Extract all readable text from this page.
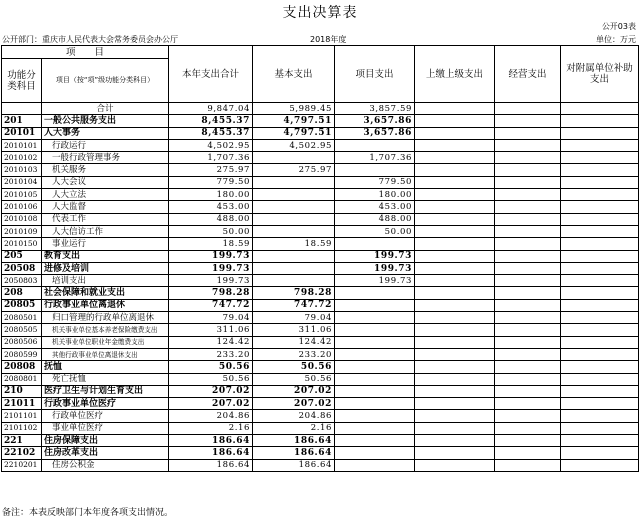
支出决算表
公开03表
公开部门：重庆市人民代表大会常务委员会办公厅	2018年度	单位：万元
项　　目		本年支出合计	基本支出	项目支出	上缴上级支出	经营支出	对附属单位补助支出
功能分类科目	项目（按“项”级功能分类科目）						
	合计	9,847.04	5,989.45	3,857.59			
201	一般公共服务支出	8,455.37	4,797.51	3,657.86			
20101	人大事务	8,455.37	4,797.51	3,657.86			
2010101	行政运行	4,502.95	4,502.95				
2010102	一般行政管理事务	1,707.36		1,707.36			
2010103	机关服务	275.97	275.97				
2010104	人大会议	779.50		779.50			
2010105	人大立法	180.00		180.00			
2010106	人大监督	453.00		453.00			
2010108	代表工作	488.00		488.00			
2010109	人大信访工作	50.00		50.00			
2010150	事业运行	18.59	18.59				
205	教育支出	199.73		199.73			
20508	进修及培训	199.73		199.73			
2050803	培训支出	199.73		199.73			
208	社会保障和就业支出	798.28	798.28				
20805	行政事业单位离退休	747.72	747.72				
2080501	归口管理的行政单位离退休	79.04	79.04				
2080505	机关事业单位基本养老保险缴费支出	311.06	311.06				
2080506	机关事业单位职业年金缴费支出	124.42	124.42				
2080599	其他行政事业单位离退休支出	233.20	233.20				
20808	抚恤	50.56	50.56				
2080801	死亡抚恤	50.56	50.56				
210	医疗卫生与计划生育支出	207.02	207.02				
21011	行政事业单位医疗	207.02	207.02				
2101101	行政单位医疗	204.86	204.86				
2101102	事业单位医疗	2.16	2.16				
221	住房保障支出	186.64	186.64				
22102	住房改革支出	186.64	186.64				
2210201	住房公积金	186.64	186.64				
备注：本表反映部门本年度各项支出情况。
